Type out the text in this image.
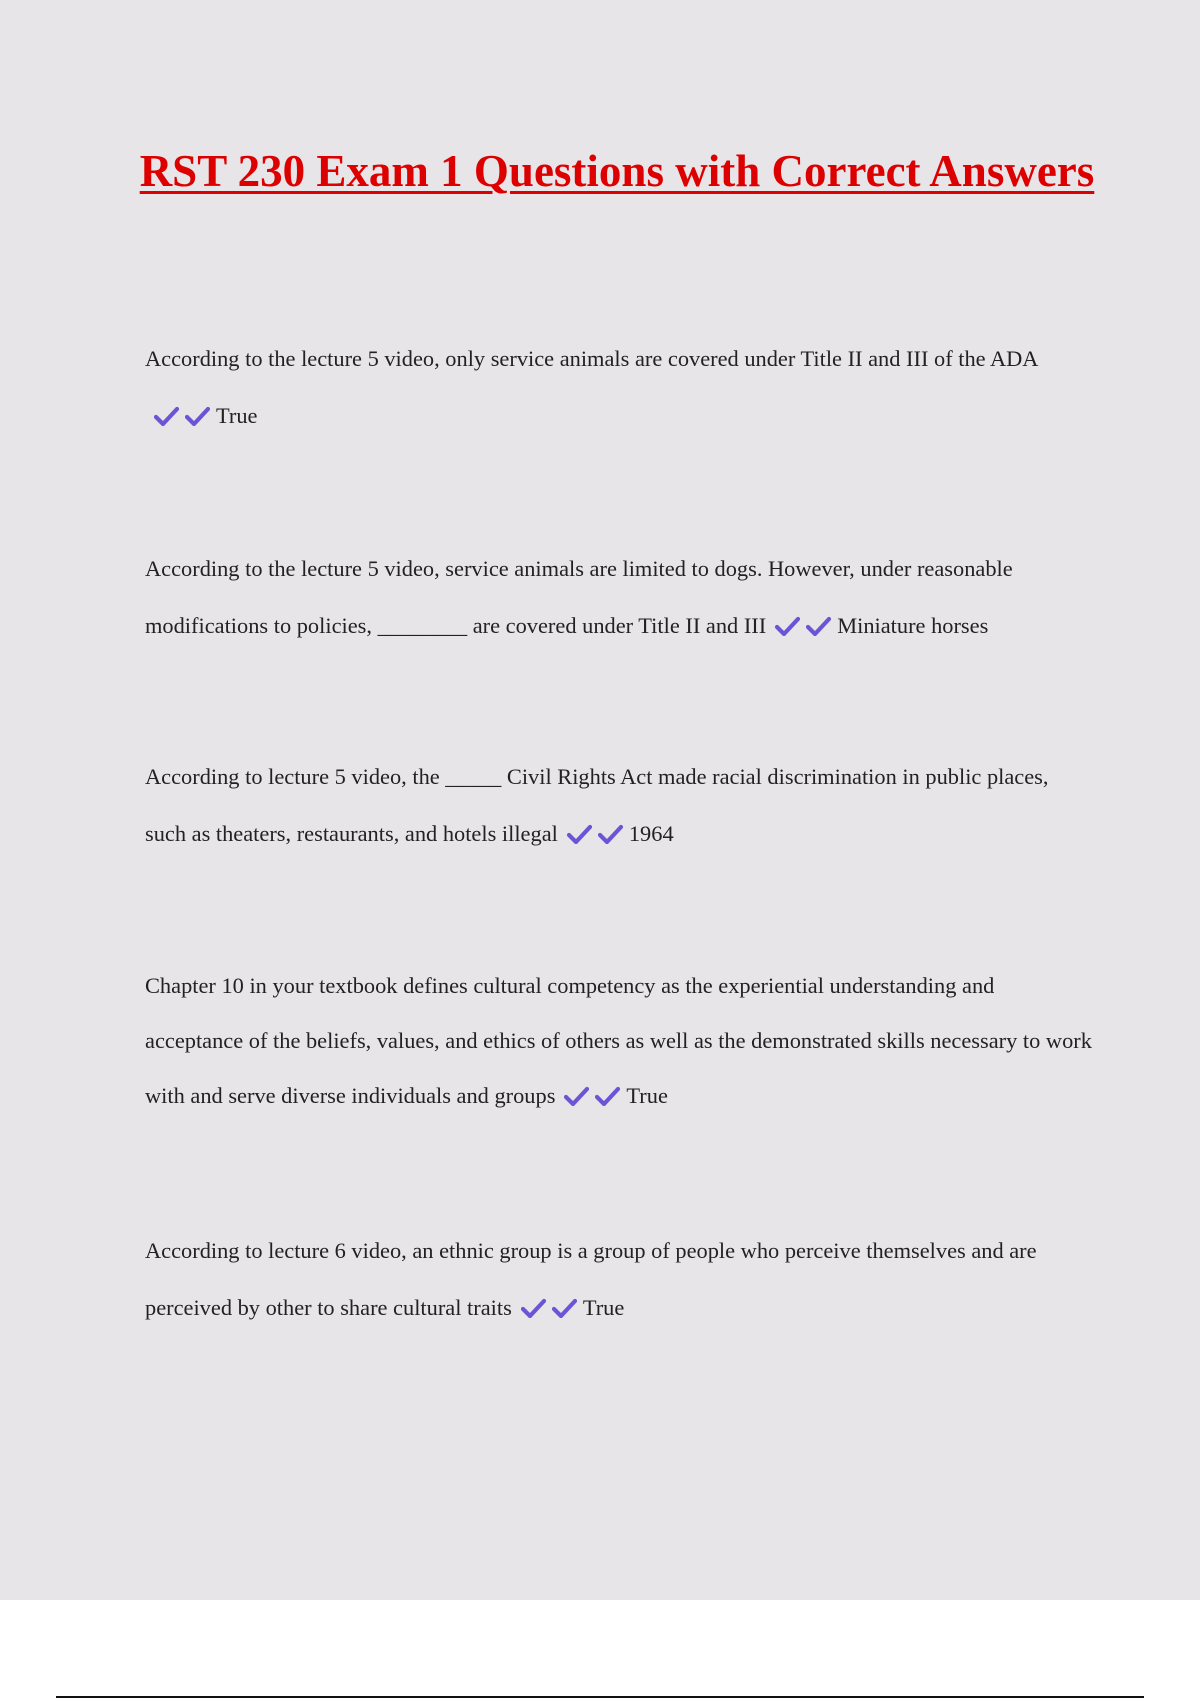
RST 230 Exam 1 Questions with Correct Answers

According to the lecture 5 video, only service animals are covered under Title II and III of the ADA
True

According to the lecture 5 video, service animals are limited to dogs. However, under reasonable modifications to policies, ________ are covered under Title II and III	Miniature horses

According to lecture 5 video, the _____ Civil Rights Act made racial discrimination in public places, such as theaters, restaurants, and hotels illegal	1964

Chapter 10 in your textbook defines cultural competency as the experiential understanding and acceptance of the beliefs, values, and ethics of others as well as the demonstrated skills necessary to work with and serve diverse individuals and groups	True

According to lecture 6 video, an ethnic group is a group of people who perceive themselves and are perceived by other to share cultural traits	True
